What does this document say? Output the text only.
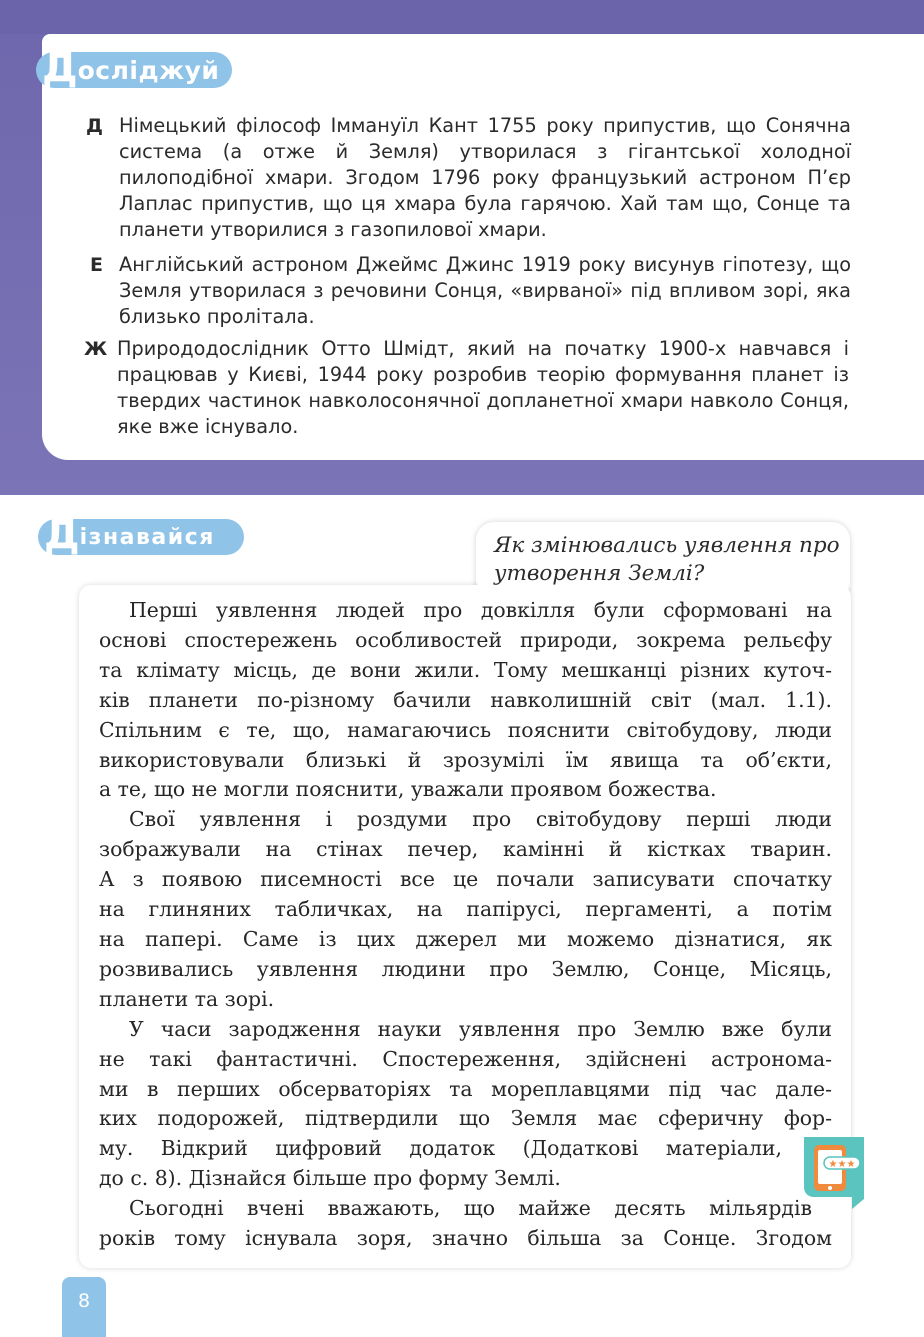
Д осліджуй
Д Німецький філософ Іммануїл Кант 1755 року припустив, що Сонячна система (а отже й Земля) утворилася з гігантської холодної пилоподібної хмари. Згодом 1796 року французький астроном П’єр Лаплас припустив, що ця хмара була гарячою. Хай там що, Сонце та планети утворилися з газопилової хмари.
Е Англійський астроном Джеймс Джинс 1919 року висунув гіпотезу, що Земля утворилася з речовини Сонця, «вирваної» під впливом зорі, яка близько пролітала.
Ж Природодослідник Отто Шмідт, який на початку 1900-х навчався і працював у Києві, 1944 року розробив теорію формування планет із твердих частинок навколосонячної допланетної хмари навколо Сонця, яке вже існувало.
Д ізнавайся	Як змінювались уявлення про утворення Землі?
Перші уявлення людей про довкілля були сформовані на
основі спостережень особливостей природи, зокрема рельєфу
та клімату місць, де вони жили. Тому мешканці різних куточ-
ків планети по-різному бачили навколишній світ (мал. 1.1).
Спільним є те, що, намагаючись пояснити світобудову, люди
використовували близькі й зрозумілі їм явища та об’єкти,
а те, що не могли пояснити, уважали проявом божества.
Свої уявлення і роздуми про світобудову перші люди
зображували на стінах печер, камінні й кістках тварин.
А з появою писемності все це почали записувати спочатку
на глиняних табличках, на папірусі, пергаменті, а потім
на папері. Саме із цих джерел ми можемо дізнатися, як
розвивались уявлення людини про Землю, Сонце, Місяць,
планети та зорі.
У часи зародження науки уявлення про Землю вже були
не такі фантастичні. Спостереження, здійснені астронома-
ми в перших обсерваторіях та мореплавцями під час дале-
ких подорожей, підтвердили що Земля має сферичну фор-
му. Відкрий цифровий додаток (Додаткові матеріали,
до с. 8). Дізнайся більше про форму Землі.
Сьогодні вчені вважають, що майже десять мільярдів
років тому існувала зоря, значно більша за Сонце. Згодом
★★★
8
